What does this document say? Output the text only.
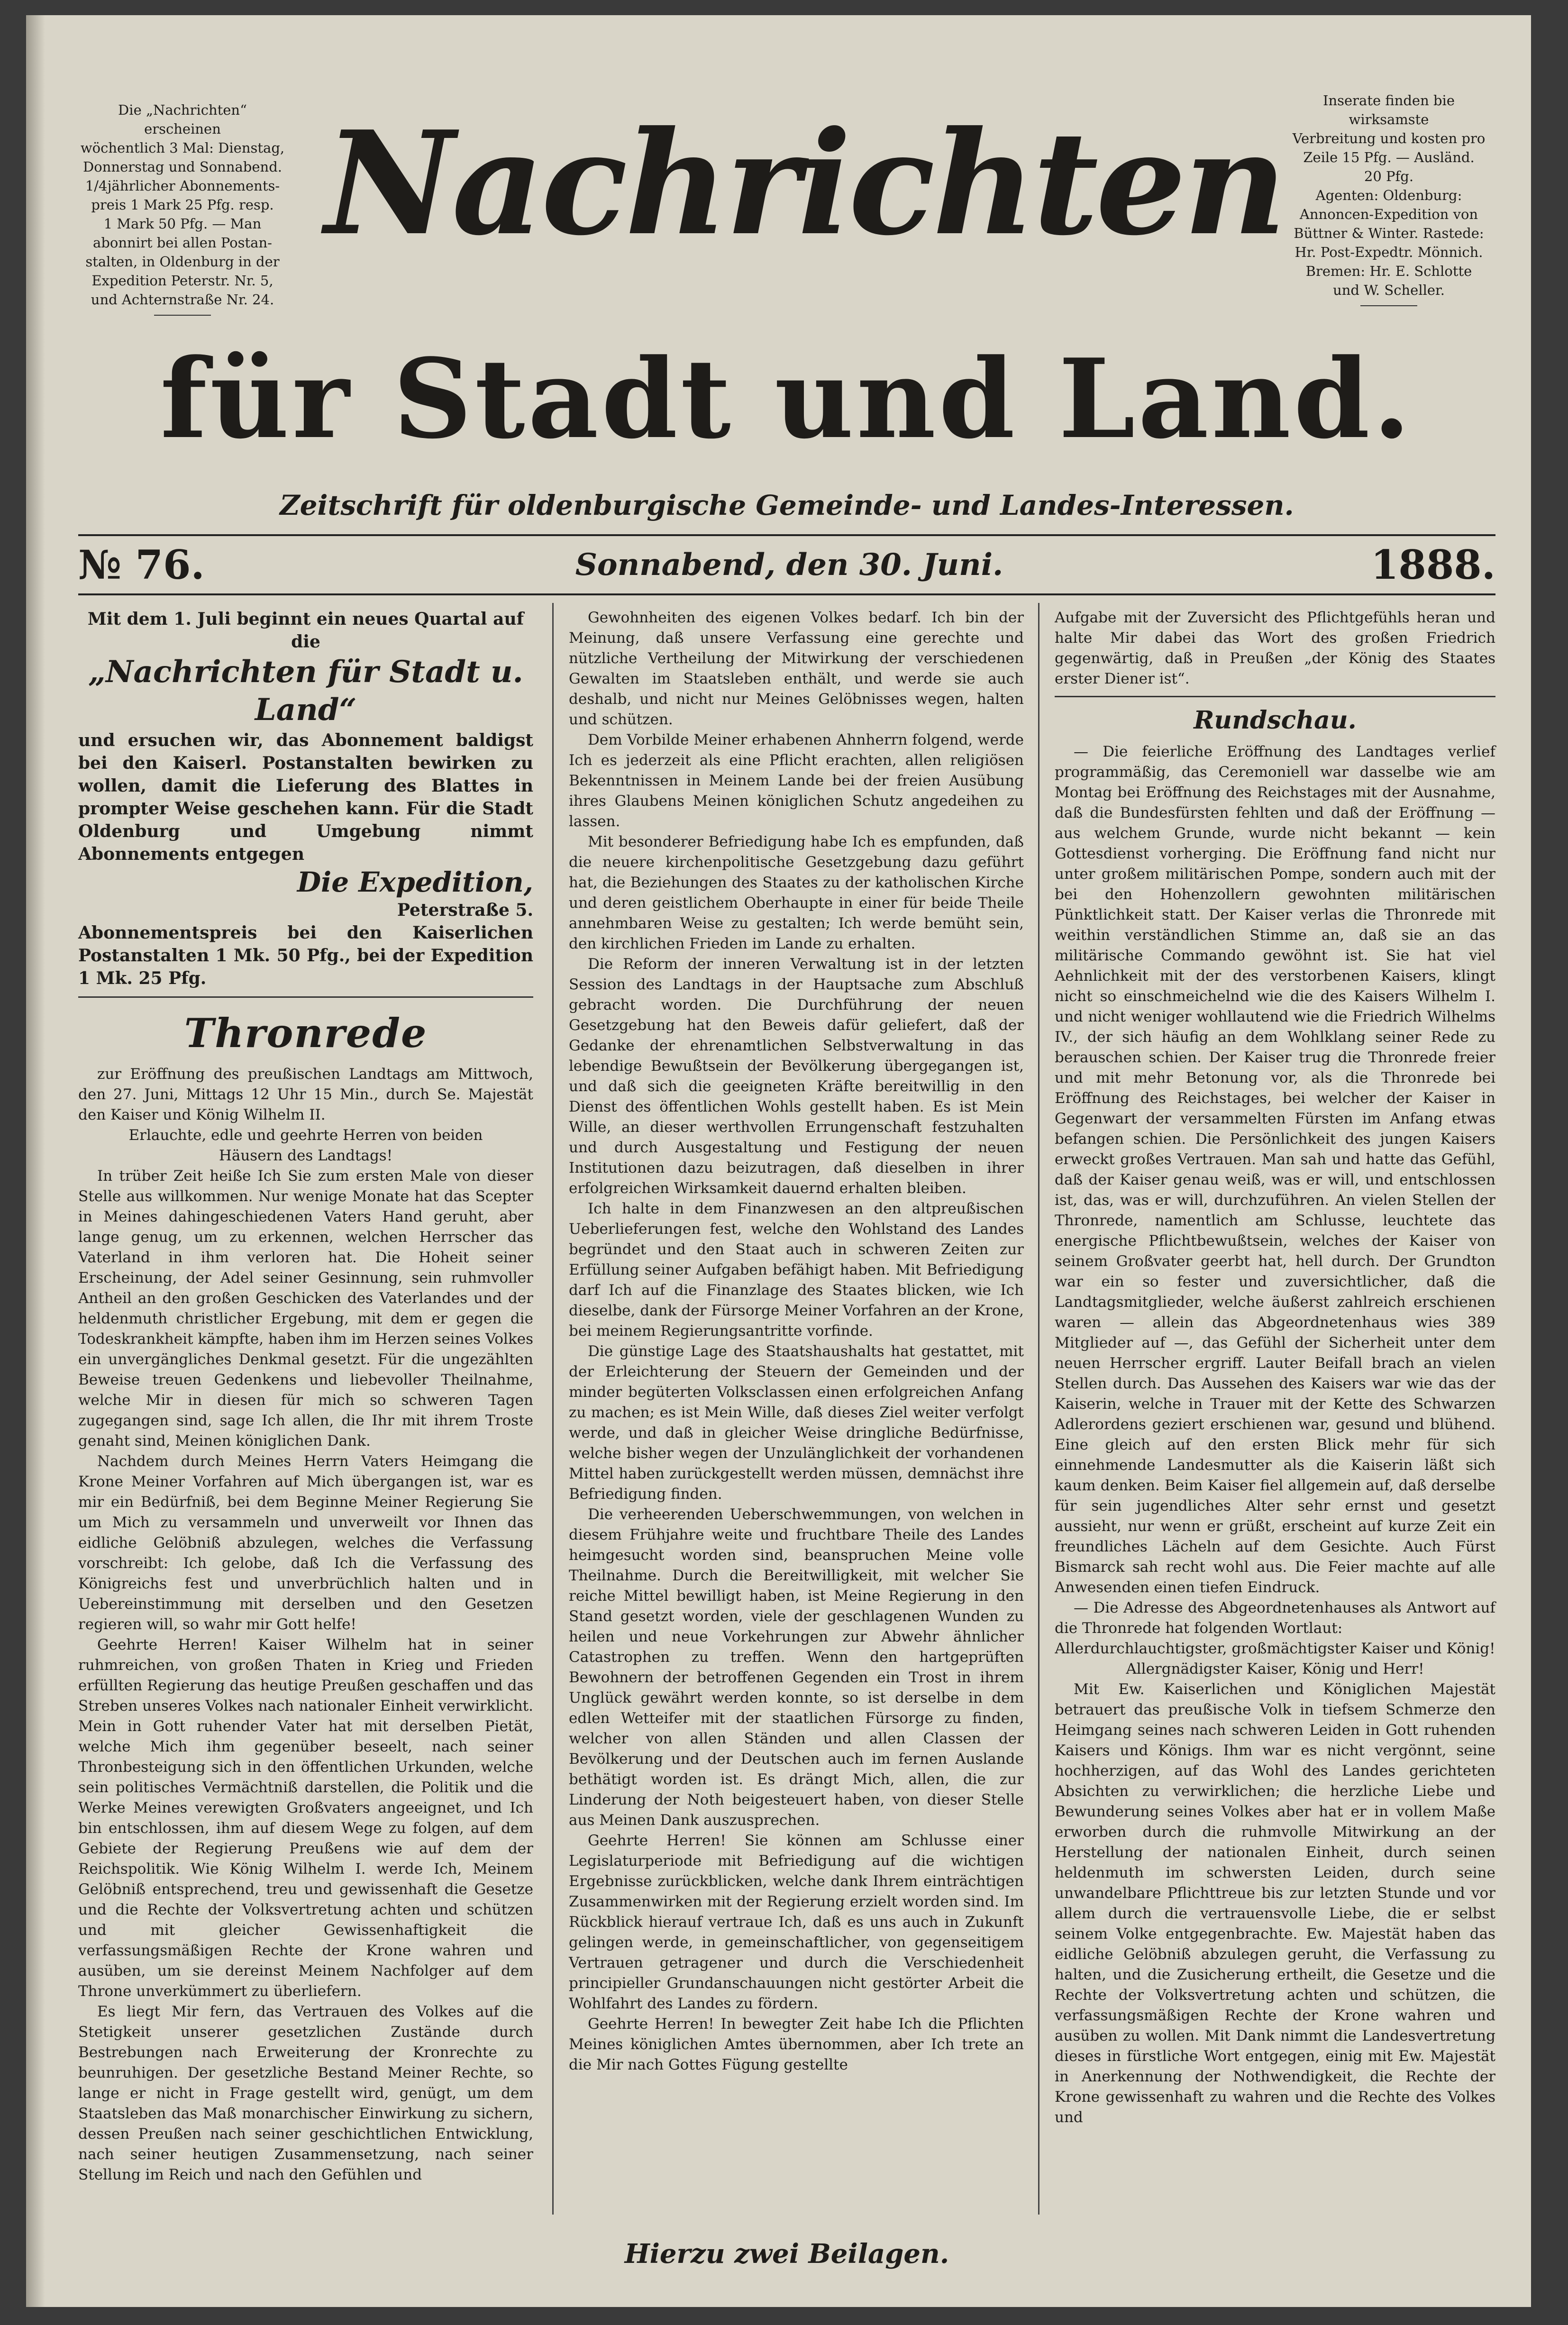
Die „Nachrichten“ erscheinen
wöchentlich 3 Mal: Dienstag,
Donnerstag und Sonnabend.
1/4jährlicher Abonnements-
preis 1 Mark 25 Pfg. resp.
1 Mark 50 Pfg. — Man
abonnirt bei allen Postan-
stalten, in Oldenburg in der
Expedition Peterstr. Nr. 5,
und Achternstraße Nr. 24.
Nachrichten	Inserate finden bie wirksamste
Verbreitung und kosten pro
Zeile 15 Pfg. — Ausländ.
20 Pfg.
Agenten: Oldenburg:
Annoncen-Expedition von
Büttner & Winter. Rastede:
Hr. Post-Expedtr. Mönnich.
Bremen: Hr. E. Schlotte
und W. Scheller.
für Stadt und Land.
Zeitschrift für oldenburgische Gemeinde- und Landes-Interessen.
№ 76.	Sonnabend, den 30. Juni.	1888.
Mit dem 1. Juli beginnt ein neues Quartal auf die
„Nachrichten für Stadt u. Land“
und ersuchen wir, das Abonnement baldigst bei den Kaiserl. Postanstalten bewirken zu wollen, damit die Lieferung des Blattes in prompter Weise geschehen kann. Für die Stadt Oldenburg und Umgebung nimmt Abonnements entgegen
Die Expedition,
Peterstraße 5.
Abonnementspreis bei den Kaiserlichen Postanstalten 1 Mk. 50 Pfg., bei der Expedition 1 Mk. 25 Pfg.
Thronrede

zur Eröffnung des preußischen Landtags am Mittwoch, den 27. Juni, Mittags 12 Uhr 15 Min., durch Se. Majestät den Kaiser und König Wilhelm II.

Erlauchte, edle und geehrte Herren von beiden Häusern des Landtags!

In trüber Zeit heiße Ich Sie zum ersten Male von dieser Stelle aus willkommen. Nur wenige Monate hat das Scepter in Meines dahingeschiedenen Vaters Hand geruht, aber lange genug, um zu erkennen, welchen Herrscher das Vaterland in ihm verloren hat. Die Hoheit seiner Erscheinung, der Adel seiner Gesinnung, sein ruhmvoller Antheil an den großen Geschicken des Vaterlandes und der heldenmuth christlicher Ergebung, mit dem er gegen die Todeskrankheit kämpfte, haben ihm im Herzen seines Volkes ein unvergängliches Denkmal gesetzt. Für die ungezählten Beweise treuen Gedenkens und liebevoller Theilnahme, welche Mir in diesen für mich so schweren Tagen zugegangen sind, sage Ich allen, die Ihr mit ihrem Troste genaht sind, Meinen königlichen Dank.

Nachdem durch Meines Herrn Vaters Heimgang die Krone Meiner Vorfahren auf Mich übergangen ist, war es mir ein Bedürfniß, bei dem Beginne Meiner Regierung Sie um Mich zu versammeln und unverweilt vor Ihnen das eidliche Gelöbniß abzulegen, welches die Verfassung vorschreibt: Ich gelobe, daß Ich die Verfassung des Königreichs fest und unverbrüchlich halten und in Uebereinstimmung mit derselben und den Gesetzen regieren will, so wahr mir Gott helfe!

Geehrte Herren! Kaiser Wilhelm hat in seiner ruhmreichen, von großen Thaten in Krieg und Frieden erfüllten Regierung das heutige Preußen geschaffen und das Streben unseres Volkes nach nationaler Einheit verwirklicht. Mein in Gott ruhender Vater hat mit derselben Pietät, welche Mich ihm gegenüber beseelt, nach seiner Thronbesteigung sich in den öffentlichen Urkunden, welche sein politisches Vermächtniß darstellen, die Politik und die Werke Meines verewigten Großvaters angeeignet, und Ich bin entschlossen, ihm auf diesem Wege zu folgen, auf dem Gebiete der Regierung Preußens wie auf dem der Reichspolitik. Wie König Wilhelm I. werde Ich, Meinem Gelöbniß entsprechend, treu und gewissenhaft die Gesetze und die Rechte der Volksvertretung achten und schützen und mit gleicher Gewissenhaftigkeit die verfassungsmäßigen Rechte der Krone wahren und ausüben, um sie dereinst Meinem Nachfolger auf dem Throne unverkümmert zu überliefern.

Es liegt Mir fern, das Vertrauen des Volkes auf die Stetigkeit unserer gesetzlichen Zustände durch Bestrebungen nach Erweiterung der Kronrechte zu beunruhigen. Der gesetzliche Bestand Meiner Rechte, so lange er nicht in Frage gestellt wird, genügt, um dem Staatsleben das Maß monarchischer Einwirkung zu sichern, dessen Preußen nach seiner geschichtlichen Entwicklung, nach seiner heutigen Zusammensetzung, nach seiner Stellung im Reich und nach den Gefühlen und

Gewohnheiten des eigenen Volkes bedarf. Ich bin der Meinung, daß unsere Verfassung eine gerechte und nützliche Vertheilung der Mitwirkung der verschiedenen Gewalten im Staatsleben enthält, und werde sie auch deshalb, und nicht nur Meines Gelöbnisses wegen, halten und schützen.

Dem Vorbilde Meiner erhabenen Ahnherrn folgend, werde Ich es jederzeit als eine Pflicht erachten, allen religiösen Bekenntnissen in Meinem Lande bei der freien Ausübung ihres Glaubens Meinen königlichen Schutz angedeihen zu lassen.

Mit besonderer Befriedigung habe Ich es empfunden, daß die neuere kirchenpolitische Gesetzgebung dazu geführt hat, die Beziehungen des Staates zu der katholischen Kirche und deren geistlichem Oberhaupte in einer für beide Theile annehmbaren Weise zu gestalten; Ich werde bemüht sein, den kirchlichen Frieden im Lande zu erhalten.

Die Reform der inneren Verwaltung ist in der letzten Session des Landtags in der Hauptsache zum Abschluß gebracht worden. Die Durchführung der neuen Gesetzgebung hat den Beweis dafür geliefert, daß der Gedanke der ehrenamtlichen Selbstverwaltung in das lebendige Bewußtsein der Bevölkerung übergegangen ist, und daß sich die geeigneten Kräfte bereitwillig in den Dienst des öffentlichen Wohls gestellt haben. Es ist Mein Wille, an dieser werthvollen Errungenschaft festzuhalten und durch Ausgestaltung und Festigung der neuen Institutionen dazu beizutragen, daß dieselben in ihrer erfolgreichen Wirksamkeit dauernd erhalten bleiben.

Ich halte in dem Finanzwesen an den altpreußischen Ueberlieferungen fest, welche den Wohlstand des Landes begründet und den Staat auch in schweren Zeiten zur Erfüllung seiner Aufgaben befähigt haben. Mit Befriedigung darf Ich auf die Finanzlage des Staates blicken, wie Ich dieselbe, dank der Fürsorge Meiner Vorfahren an der Krone, bei meinem Regierungsantritte vorfinde.

Die günstige Lage des Staatshaushalts hat gestattet, mit der Erleichterung der Steuern der Gemeinden und der minder begüterten Volksclassen einen erfolgreichen Anfang zu machen; es ist Mein Wille, daß dieses Ziel weiter verfolgt werde, und daß in gleicher Weise dringliche Bedürfnisse, welche bisher wegen der Unzulänglichkeit der vorhandenen Mittel haben zurückgestellt werden müssen, demnächst ihre Befriedigung finden.

Die verheerenden Ueberschwemmungen, von welchen in diesem Frühjahre weite und fruchtbare Theile des Landes heimgesucht worden sind, beanspruchen Meine volle Theilnahme. Durch die Bereitwilligkeit, mit welcher Sie reiche Mittel bewilligt haben, ist Meine Regierung in den Stand gesetzt worden, viele der geschlagenen Wunden zu heilen und neue Vorkehrungen zur Abwehr ähnlicher Catastrophen zu treffen. Wenn den hartgeprüften Bewohnern der betroffenen Gegenden ein Trost in ihrem Unglück gewährt werden konnte, so ist derselbe in dem edlen Wetteifer mit der staatlichen Fürsorge zu finden, welcher von allen Ständen und allen Classen der Bevölkerung und der Deutschen auch im fernen Auslande bethätigt worden ist. Es drängt Mich, allen, die zur Linderung der Noth beigesteuert haben, von dieser Stelle aus Meinen Dank auszusprechen.

Geehrte Herren! Sie können am Schlusse einer Legislaturperiode mit Befriedigung auf die wichtigen Ergebnisse zurückblicken, welche dank Ihrem einträchtigen Zusammenwirken mit der Regierung erzielt worden sind. Im Rückblick hierauf vertraue Ich, daß es uns auch in Zukunft gelingen werde, in gemeinschaftlicher, von gegenseitigem Vertrauen getragener und durch die Verschiedenheit principieller Grundanschauungen nicht gestörter Arbeit die Wohlfahrt des Landes zu fördern.

Geehrte Herren! In bewegter Zeit habe Ich die Pflichten Meines königlichen Amtes übernommen, aber Ich trete an die Mir nach Gottes Fügung gestellte

Aufgabe mit der Zuversicht des Pflichtgefühls heran und halte Mir dabei das Wort des großen Friedrich gegenwärtig, daß in Preußen „der König des Staates erster Diener ist“.

Rundschau.

— Die feierliche Eröffnung des Landtages verlief programmäßig, das Ceremoniell war dasselbe wie am Montag bei Eröffnung des Reichstages mit der Ausnahme, daß die Bundesfürsten fehlten und daß der Eröffnung — aus welchem Grunde, wurde nicht bekannt — kein Gottesdienst vorherging. Die Eröffnung fand nicht nur unter großem militärischen Pompe, sondern auch mit der bei den Hohenzollern gewohnten militärischen Pünktlichkeit statt. Der Kaiser verlas die Thronrede mit weithin verständlichen Stimme an, daß sie an das militärische Commando gewöhnt ist. Sie hat viel Aehnlichkeit mit der des verstorbenen Kaisers, klingt nicht so einschmeichelnd wie die des Kaisers Wilhelm I. und nicht weniger wohllautend wie die Friedrich Wilhelms IV., der sich häufig an dem Wohlklang seiner Rede zu berauschen schien. Der Kaiser trug die Thronrede freier und mit mehr Betonung vor, als die Thronrede bei Eröffnung des Reichstages, bei welcher der Kaiser in Gegenwart der versammelten Fürsten im Anfang etwas befangen schien. Die Persönlichkeit des jungen Kaisers erweckt großes Vertrauen. Man sah und hatte das Gefühl, daß der Kaiser genau weiß, was er will, und entschlossen ist, das, was er will, durchzuführen. An vielen Stellen der Thronrede, namentlich am Schlusse, leuchtete das energische Pflichtbewußtsein, welches der Kaiser von seinem Großvater geerbt hat, hell durch. Der Grundton war ein so fester und zuversichtlicher, daß die Landtagsmitglieder, welche äußerst zahlreich erschienen waren — allein das Abgeordnetenhaus wies 389 Mitglieder auf —, das Gefühl der Sicherheit unter dem neuen Herrscher ergriff. Lauter Beifall brach an vielen Stellen durch. Das Aussehen des Kaisers war wie das der Kaiserin, welche in Trauer mit der Kette des Schwarzen Adlerordens geziert erschienen war, gesund und blühend. Eine gleich auf den ersten Blick mehr für sich einnehmende Landesmutter als die Kaiserin läßt sich kaum denken. Beim Kaiser fiel allgemein auf, daß derselbe für sein jugendliches Alter sehr ernst und gesetzt aussieht, nur wenn er grüßt, erscheint auf kurze Zeit ein freundliches Lächeln auf dem Gesichte. Auch Fürst Bismarck sah recht wohl aus. Die Feier machte auf alle Anwesenden einen tiefen Eindruck.

— Die Adresse des Abgeordnetenhauses als Antwort auf die Thronrede hat folgenden Wortlaut:

Allerdurchlauchtigster, großmächtigster Kaiser und König!

Allergnädigster Kaiser, König und Herr!

Mit Ew. Kaiserlichen und Königlichen Majestät betrauert das preußische Volk in tiefsem Schmerze den Heimgang seines nach schweren Leiden in Gott ruhenden Kaisers und Königs. Ihm war es nicht vergönnt, seine hochherzigen, auf das Wohl des Landes gerichteten Absichten zu verwirklichen; die herzliche Liebe und Bewunderung seines Volkes aber hat er in vollem Maße erworben durch die ruhmvolle Mitwirkung an der Herstellung der nationalen Einheit, durch seinen heldenmuth im schwersten Leiden, durch seine unwandelbare Pflichttreue bis zur letzten Stunde und vor allem durch die vertrauensvolle Liebe, die er selbst seinem Volke entgegenbrachte. Ew. Majestät haben das eidliche Gelöbniß abzulegen geruht, die Verfassung zu halten, und die Zusicherung ertheilt, die Gesetze und die Rechte der Volksvertretung achten und schützen, die verfassungsmäßigen Rechte der Krone wahren und ausüben zu wollen. Mit Dank nimmt die Landesvertretung dieses in fürstliche Wort entgegen, einig mit Ew. Majestät in Anerkennung der Nothwendigkeit, die Rechte der Krone gewissenhaft zu wahren und die Rechte des Volkes und

Hierzu zwei Beilagen.
